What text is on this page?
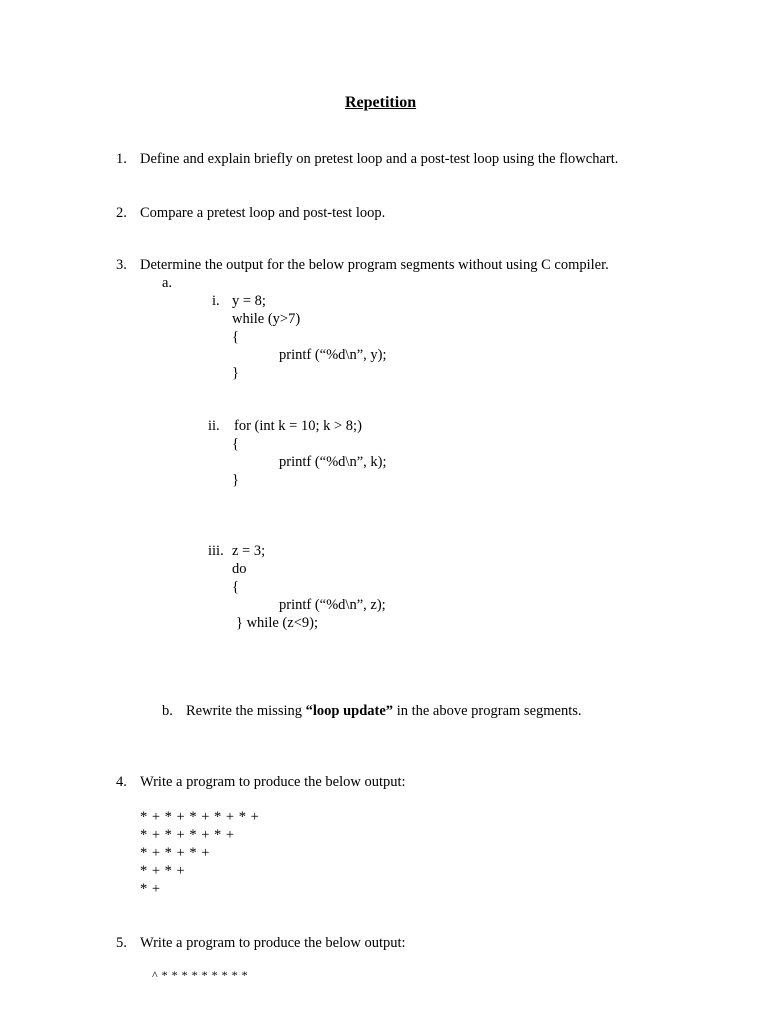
Repetition
1. Define and explain briefly on pretest loop and a post-test loop using the flowchart.
2. Compare a pretest loop and post-test loop.
3. Determine the output for the below program segments without using C compiler.
a.
i. y = 8;
while (y>7)
{
printf (“%d\n”, y);
}
ii. for (int k = 10; k > 8;)
{
printf (“%d\n”, k);
}
iii. z = 3;
do
{
printf (“%d\n”, z);
} while (z<9);
b. Rewrite the missing “loop update” in the above program segments.
4. Write a program to produce the below output:
* + * + * + * + * +
* + * + * + * +
* + * + * +
* + * +
* +
5. Write a program to produce the below output:
^ * * * * * * * * *
